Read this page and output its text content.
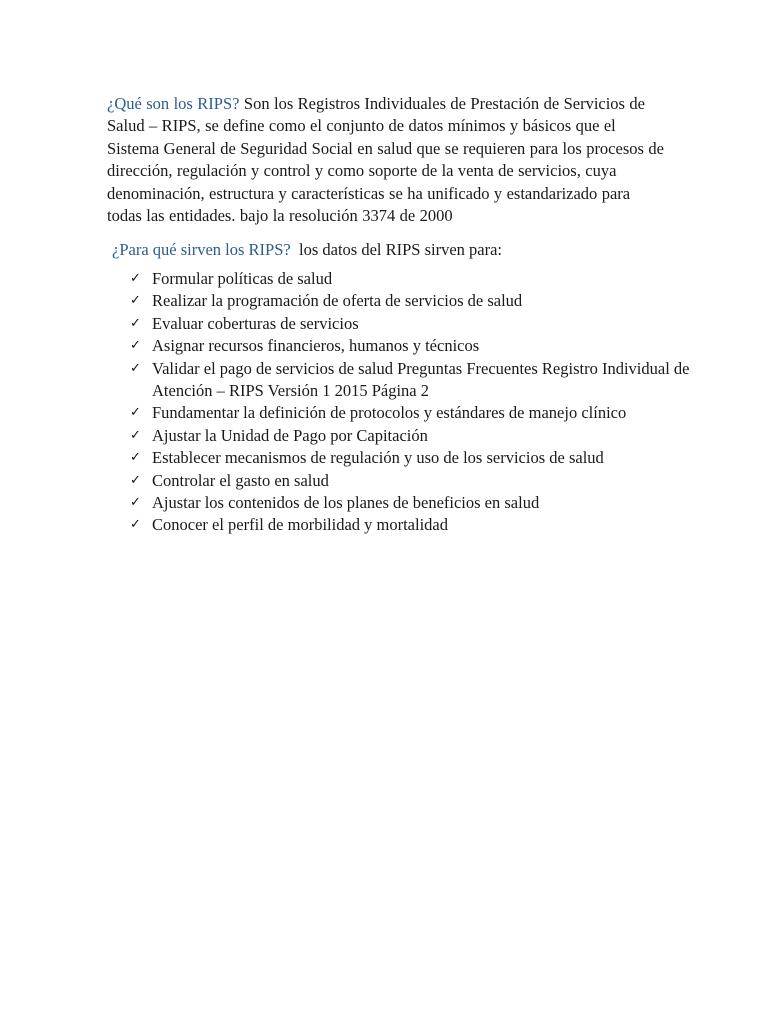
¿Qué son los RIPS? Son los Registros Individuales de Prestación de Servicios de Salud – RIPS, se define como el conjunto de datos mínimos y básicos que el Sistema General de Seguridad Social en salud que se requieren para los procesos de dirección, regulación y control y como soporte de la venta de servicios, cuya denominación, estructura y características se ha unificado y estandarizado para todas las entidades. bajo la resolución 3374 de 2000

¿Para qué sirven los RIPS? los datos del RIPS sirven para:

✓ Formular políticas de salud
✓ Realizar la programación de oferta de servicios de salud
✓ Evaluar coberturas de servicios
✓ Asignar recursos financieros, humanos y técnicos
✓ Validar el pago de servicios de salud Preguntas Frecuentes Registro Individual de Atención – RIPS Versión 1 2015 Página 2
✓ Fundamentar la definición de protocolos y estándares de manejo clínico
✓ Ajustar la Unidad de Pago por Capitación
✓ Establecer mecanismos de regulación y uso de los servicios de salud
✓ Controlar el gasto en salud
✓ Ajustar los contenidos de los planes de beneficios en salud
✓ Conocer el perfil de morbilidad y mortalidad
